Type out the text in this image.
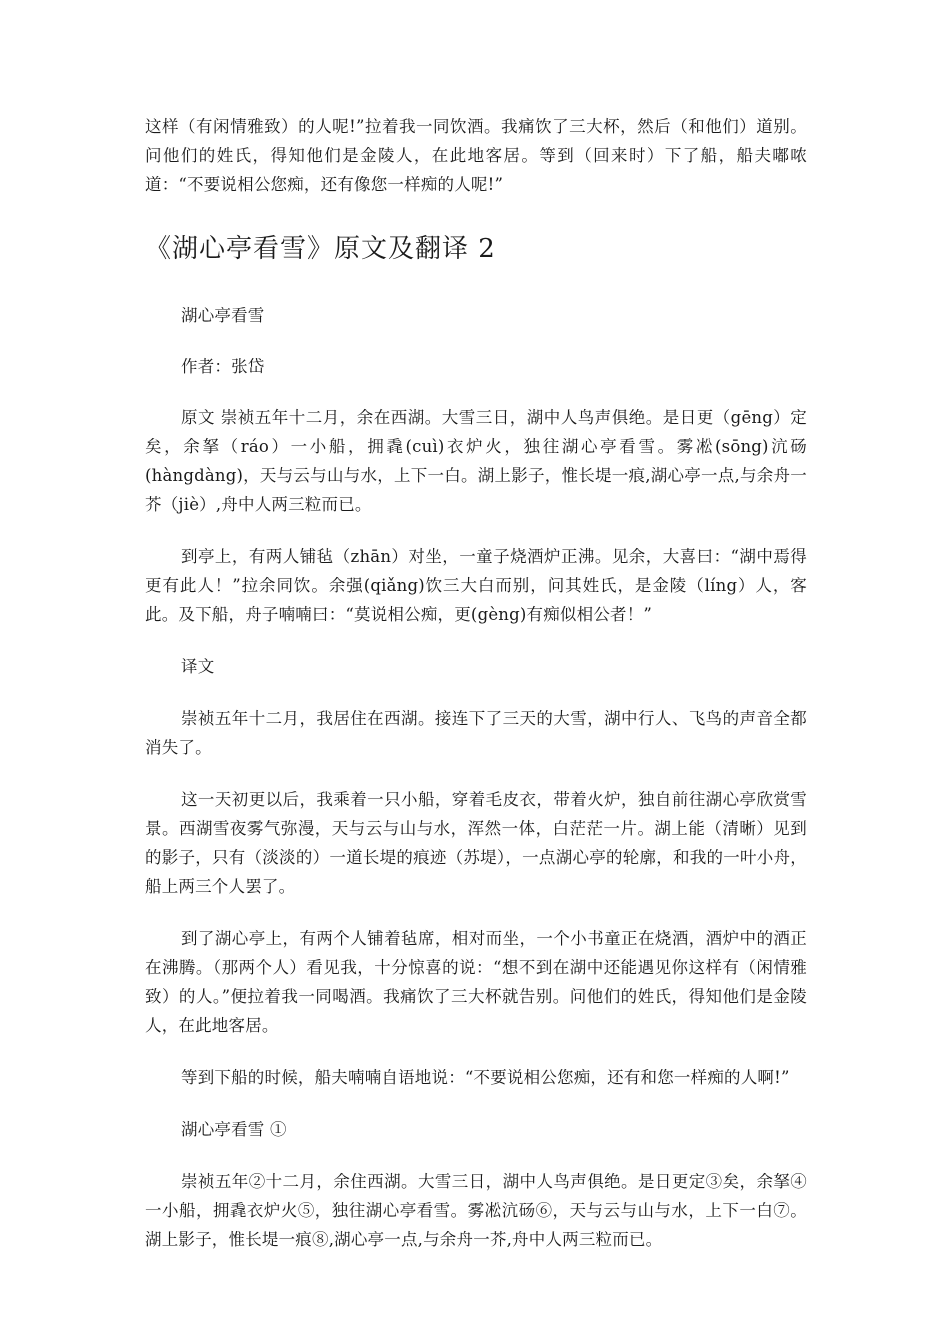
这样（有闲情雅致）的人呢!”拉着我一同饮酒。我痛饮了三大杯，然后（和他们）道别。问他们的姓氏，得知他们是金陵人，在此地客居。等到（回来时）下了船，船夫嘟哝道：“不要说相公您痴，还有像您一样痴的人呢!”

《湖心亭看雪》原文及翻译 2

湖心亭看雪

作者：张岱

原文 崇祯五年十二月，余在西湖。大雪三日，湖中人鸟声俱绝。是日更（gēng）定矣，余拏（ráo）一小船，拥毳(cuì)衣炉火，独往湖心亭看雪。雾凇(sōng)沆砀(hàngdàng)，天与云与山与水，上下一白。湖上影子，惟长堤一痕,湖心亭一点,与余舟一芥（jiè）,舟中人两三粒而已。

到亭上，有两人铺毡（zhān）对坐，一童子烧酒炉正沸。见余，大喜曰：“湖中焉得更有此人！”拉余同饮。余强(qiǎng)饮三大白而别，问其姓氏，是金陵（líng）人，客此。及下船，舟子喃喃曰：“莫说相公痴，更(gèng)有痴似相公者！”

译文

崇祯五年十二月，我居住在西湖。接连下了三天的大雪，湖中行人、飞鸟的声音全都消失了。

这一天初更以后，我乘着一只小船，穿着毛皮衣，带着火炉，独自前往湖心亭欣赏雪景。西湖雪夜雾气弥漫，天与云与山与水，浑然一体，白茫茫一片。湖上能（清晰）见到的影子，只有（淡淡的）一道长堤的痕迹（苏堤），一点湖心亭的轮廓，和我的一叶小舟，船上两三个人罢了。

到了湖心亭上，有两个人铺着毡席，相对而坐，一个小书童正在烧酒，酒炉中的酒正在沸腾。（那两个人）看见我，十分惊喜的说：“想不到在湖中还能遇见你这样有（闲情雅致）的人。”便拉着我一同喝酒。我痛饮了三大杯就告别。问他们的姓氏，得知他们是金陵人，在此地客居。

等到下船的时候，船夫喃喃自语地说：“不要说相公您痴，还有和您一样痴的人啊!”

湖心亭看雪 ①

崇祯五年②十二月，余住西湖。大雪三日，湖中人鸟声俱绝。是日更定③矣，余拏④一小船，拥毳衣炉火⑤，独往湖心亭看雪。雾凇沆砀⑥，天与云与山与水，上下一白⑦。湖上影子，惟长堤一痕⑧,湖心亭一点,与余舟一芥,舟中人两三粒而已。
